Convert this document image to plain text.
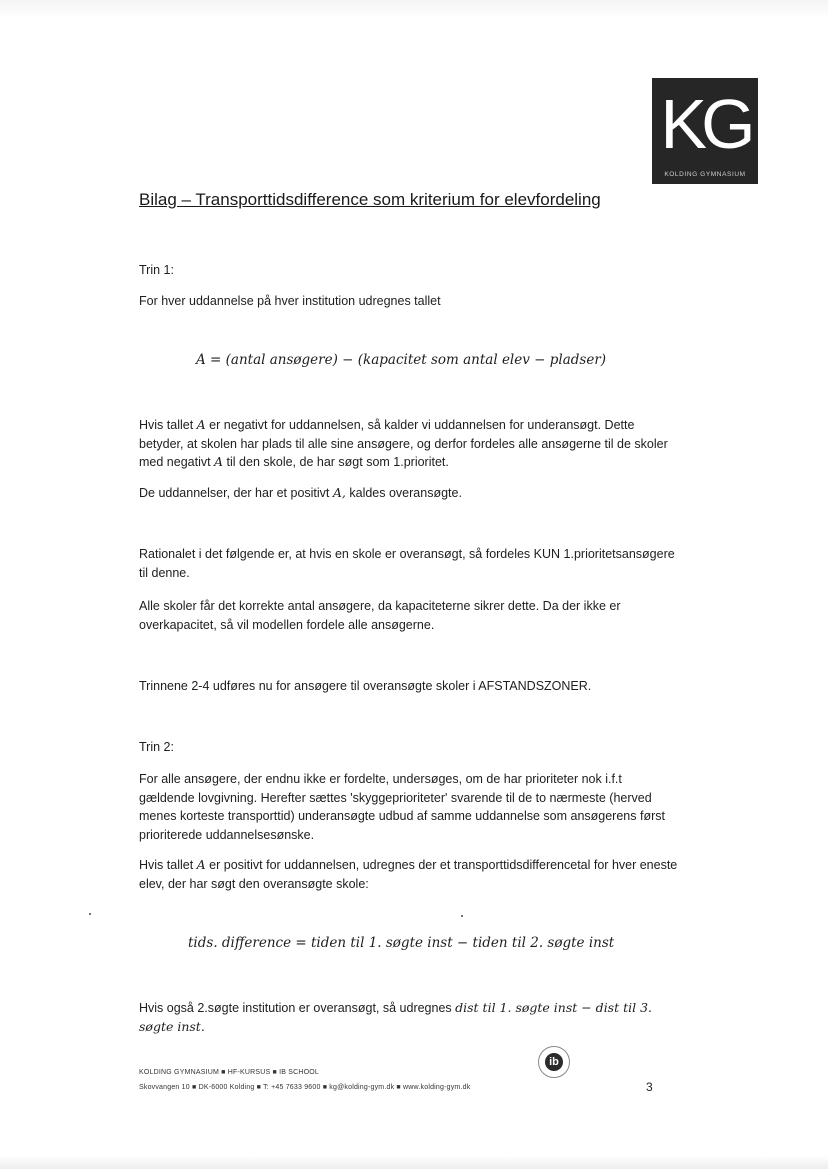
KG
KOLDING GYMNASIUM
Bilag – Transporttidsdifference som kriterium for elevfordeling
Trin 1:
For hver uddannelse på hver institution udregnes tallet
A = (antal ansøgere) − (kapacitet som antal elev − pladser)

Hvis tallet A er negativt for uddannelsen, så kalder vi uddannelsen for underansøgt. Dette betyder, at skolen har plads til alle sine ansøgere, og derfor fordeles alle ansøgerne til de skoler med negativt A til den skole, de har søgt som 1.prioritet.

De uddannelser, der har et positivt A, kaldes overansøgte.

Rationalet i det følgende er, at hvis en skole er overansøgt, så fordeles KUN 1.prioritetsansøgere til denne.

Alle skoler får det korrekte antal ansøgere, da kapaciteterne sikrer dette. Da der ikke er overkapacitet, så vil modellen fordele alle ansøgerne.

Trinnene 2-4 udføres nu for ansøgere til overansøgte skoler i AFSTANDSZONER.
Trin 2:

For alle ansøgere, der endnu ikke er fordelte, undersøges, om de har prioriteter nok i.f.t gældende lovgivning. Herefter sættes 'skyggeprioriteter' svarende til de to nærmeste (herved menes korteste transporttid) underansøgte udbud af samme uddannelse som ansøgerens først prioriterede uddannelsesønske.

Hvis tallet A er positivt for uddannelsen, udregnes der et transporttidsdifferencetal for hver eneste elev, der har søgt den overansøgte skole:

tids. difference = tiden til 1. søgte inst − tiden til 2. søgte inst

Hvis også 2.søgte institution er overansøgt, så udregnes dist til 1. søgte inst − dist til 3. søgte inst.

ib
KOLDING GYMNASIUM ■ HF-KURSUS ■ IB SCHOOL
Skovvangen 10 ■ DK-6000 Kolding ■ T: +45 7633 9600 ■ kg@kolding-gym.dk ■ www.kolding-gym.dk	3
